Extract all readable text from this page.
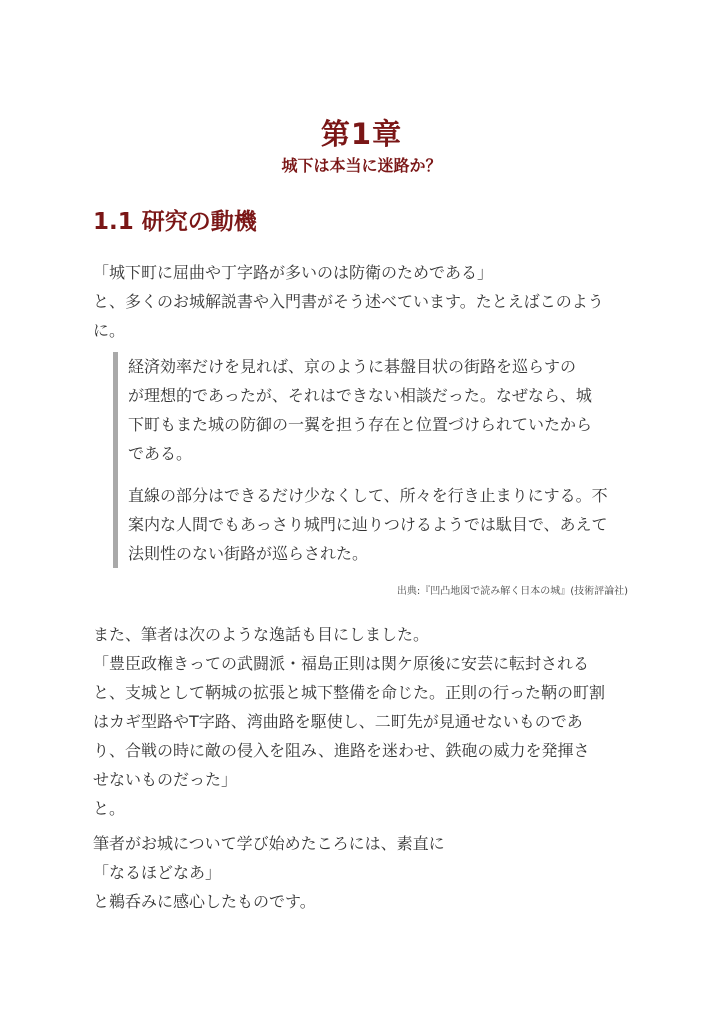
第1章
城下は本当に迷路か？
1.1 研究の動機
「城下町に屈曲や丁字路が多いのは防衛のためである」
と、多くのお城解説書や入門書がそう述べています。たとえばこのよう
に。
経済効率だけを見れば、京のように碁盤目状の街路を巡らすの
が理想的であったが、それはできない相談だった。なぜなら、城
下町もまた城の防御の一翼を担う存在と位置づけられていたから
である。
直線の部分はできるだけ少なくして、所々を行き止まりにする。不
案内な人間でもあっさり城門に辿りつけるようでは駄目で、あえて
法則性のない街路が巡らされた。
出典:『凹凸地図で読み解く日本の城』(技術評論社)
また、筆者は次のような逸話も目にしました。
「豊臣政権きっての武闘派・福島正則は関ケ原後に安芸に転封される
と、支城として鞆城の拡張と城下整備を命じた。正則の行った鞆の町割
はカギ型路やT字路、湾曲路を駆使し、二町先が見通せないものであ
り、合戦の時に敵の侵入を阻み、進路を迷わせ、鉄砲の威力を発揮さ
せないものだった」
と。
筆者がお城について学び始めたころには、素直に
「なるほどなあ」
と鵜呑みに感心したものです。
